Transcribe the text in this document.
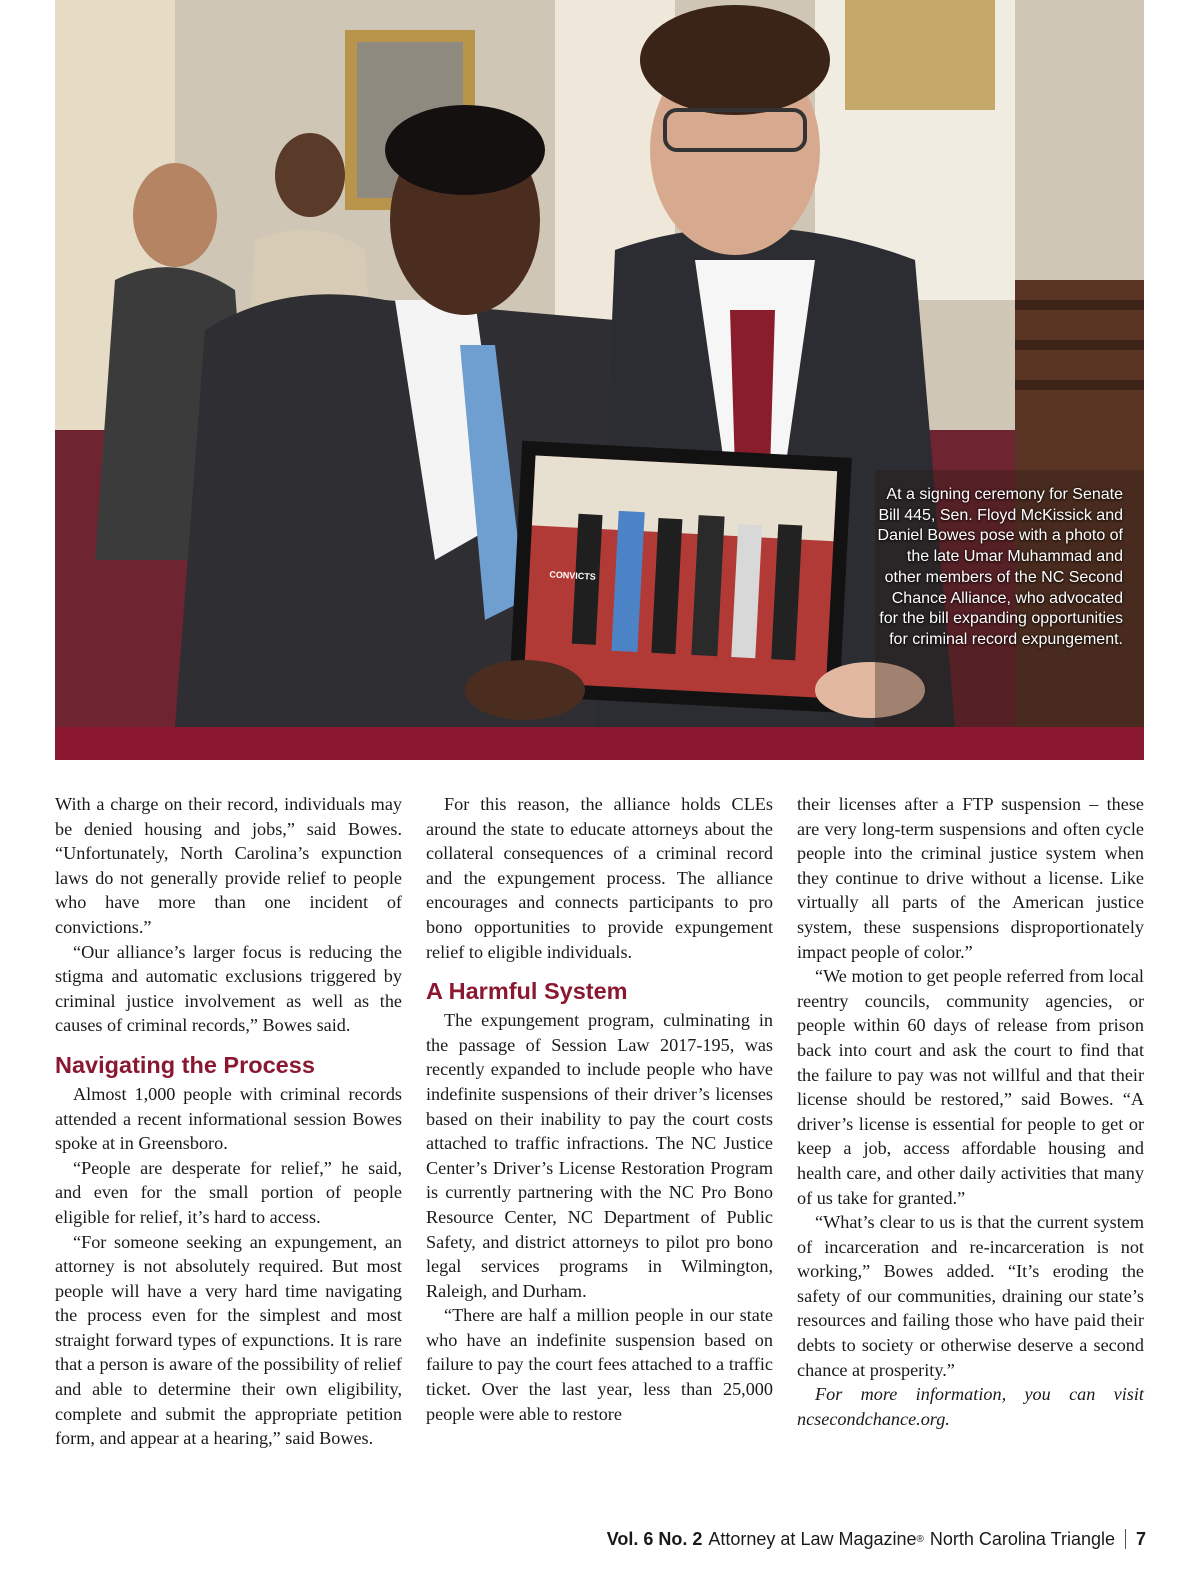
CONVICTS
At a signing ceremony for Senate Bill 445, Sen. Floyd McKissick and Daniel Bowes pose with a photo of the late Umar Muhammad and other members of the NC Second Chance Alliance, who advocated for the bill expanding opportunities for criminal record expungement.

With a charge on their record, individuals may be denied housing and jobs,” said Bowes. “Unfortunately, North Carolina’s expunction laws do not generally provide relief to people who have more than one incident of convictions.”

“Our alliance’s larger focus is reducing the stigma and automatic exclusions triggered by criminal justice involvement as well as the causes of criminal records,” Bowes said.

Navigating the Process

Almost 1,000 people with criminal records attended a recent informational session Bowes spoke at in Greensboro.

“People are desperate for relief,” he said, and even for the small portion of people eligible for relief, it’s hard to access.

“For someone seeking an expungement, an attorney is not absolutely required. But most people will have a very hard time navigating the process even for the simplest and most straight forward types of expunctions. It is rare that a person is aware of the possibility of relief and able to determine their own eligibility, complete and submit the appropriate petition form, and appear at a hearing,” said Bowes.

For this reason, the alliance holds CLEs around the state to educate attorneys about the collateral consequences of a criminal record and the expungement process. The alliance encourages and connects participants to pro bono opportunities to provide expungement relief to eligible individuals.

A Harmful System

The expungement program, culminating in the passage of Session Law 2017-195, was recently expanded to include people who have indefinite suspensions of their driver’s licenses based on their inability to pay the court costs attached to traffic infractions. The NC Justice Center’s Driver’s License Restoration Program is currently partnering with the NC Pro Bono Resource Center, NC Department of Public Safety, and district attorneys to pilot pro bono legal services programs in Wilmington, Raleigh, and Durham.

“There are half a million people in our state who have an indefinite suspension based on failure to pay the court fees attached to a traffic ticket. Over the last year, less than 25,000 people were able to restore

their licenses after a FTP suspension – these are very long-term suspensions and often cycle people into the criminal justice system when they continue to drive without a license. Like virtually all parts of the American justice system, these suspensions disproportionately impact people of color.”

“We motion to get people referred from local reentry councils, community agencies, or people within 60 days of release from prison back into court and ask the court to find that the failure to pay was not willful and that their license should be restored,” said Bowes. “A driver’s license is essential for people to get or keep a job, access affordable housing and health care, and other daily activities that many of us take for granted.”

“What’s clear to us is that the current system of incarceration and re-incarceration is not working,” Bowes added. “It’s eroding the safety of our communities, draining our state’s resources and failing those who have paid their debts to society or otherwise deserve a second chance at prosperity.”

For more information, you can visit ncsecondchance.org.

Vol. 6 No. 2 Attorney at Law Magazine ® North Carolina Triangle 7
